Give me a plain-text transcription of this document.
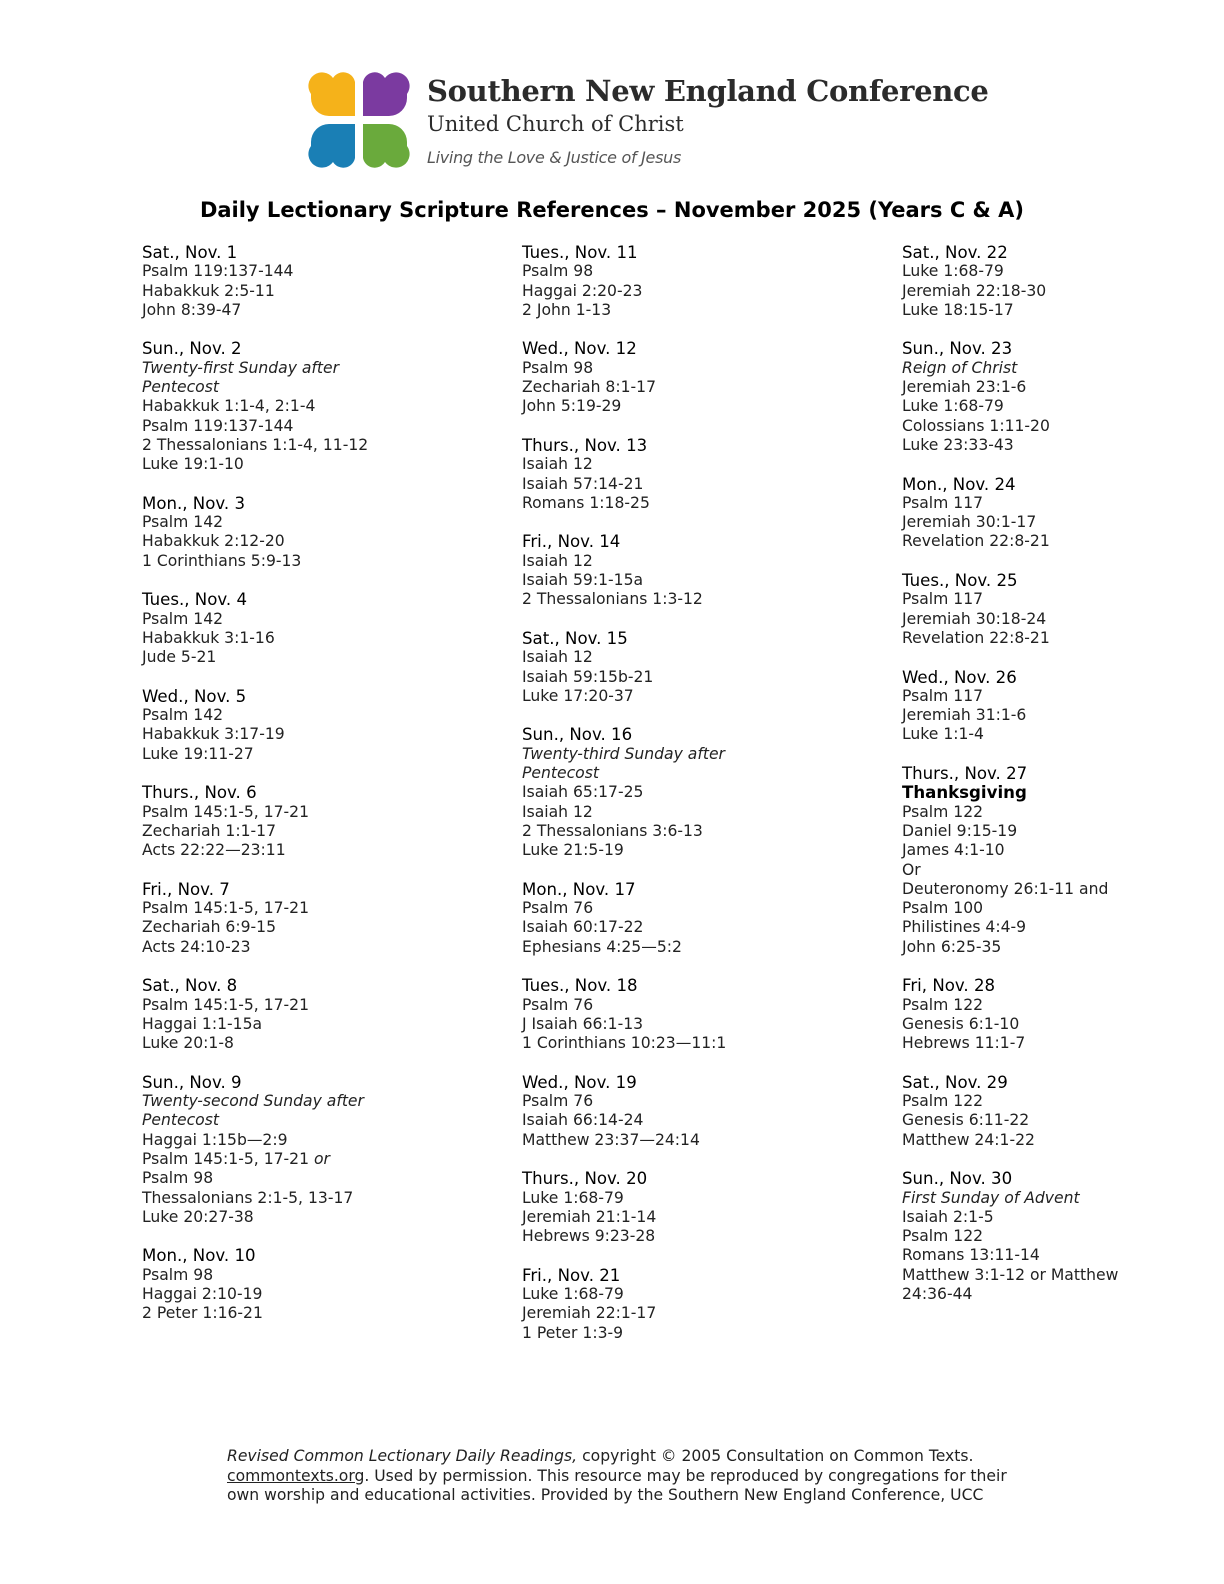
Southern New England Conference
United Church of Christ
Living the Love & Justice of Jesus
Daily Lectionary Scripture References – November 2025 (Years C & A)
Sat., Nov. 1
Psalm 119:137-144
Habakkuk 2:5-11
John 8:39-47
Sun., Nov. 2
Twenty-first Sunday after
Pentecost
Habakkuk 1:1-4, 2:1-4
Psalm 119:137-144
2 Thessalonians 1:1-4, 11-12
Luke 19:1-10
Mon., Nov. 3
Psalm 142
Habakkuk 2:12-20
1 Corinthians 5:9-13
Tues., Nov. 4
Psalm 142
Habakkuk 3:1-16
Jude 5-21
Wed., Nov. 5
Psalm 142
Habakkuk 3:17-19
Luke 19:11-27
Thurs., Nov. 6
Psalm 145:1-5, 17-21
Zechariah 1:1-17
Acts 22:22—23:11
Fri., Nov. 7
Psalm 145:1-5, 17-21
Zechariah 6:9-15
Acts 24:10-23
Sat., Nov. 8
Psalm 145:1-5, 17-21
Haggai 1:1-15a
Luke 20:1-8
Sun., Nov. 9
Twenty-second Sunday after
Pentecost
Haggai 1:15b—2:9
Psalm 145:1-5, 17-21 or
Psalm 98
Thessalonians 2:1-5, 13-17
Luke 20:27-38
Mon., Nov. 10
Psalm 98
Haggai 2:10-19
2 Peter 1:16-21
Tues., Nov. 11
Psalm 98
Haggai 2:20-23
2 John 1-13
Wed., Nov. 12
Psalm 98
Zechariah 8:1-17
John 5:19-29
Thurs., Nov. 13
Isaiah 12
Isaiah 57:14-21
Romans 1:18-25
Fri., Nov. 14
Isaiah 12
Isaiah 59:1-15a
2 Thessalonians 1:3-12
Sat., Nov. 15
Isaiah 12
Isaiah 59:15b-21
Luke 17:20-37
Sun., Nov. 16
Twenty-third Sunday after
Pentecost
Isaiah 65:17-25
Isaiah 12
2 Thessalonians 3:6-13
Luke 21:5-19
Mon., Nov. 17
Psalm 76
Isaiah 60:17-22
Ephesians 4:25—5:2
Tues., Nov. 18
Psalm 76
J Isaiah 66:1-13
1 Corinthians 10:23—11:1
Wed., Nov. 19
Psalm 76
Isaiah 66:14-24
Matthew 23:37—24:14
Thurs., Nov. 20
Luke 1:68-79
Jeremiah 21:1-14
Hebrews 9:23-28
Fri., Nov. 21
Luke 1:68-79
Jeremiah 22:1-17
1 Peter 1:3-9
Sat., Nov. 22
Luke 1:68-79
Jeremiah 22:18-30
Luke 18:15-17
Sun., Nov. 23
Reign of Christ
Jeremiah 23:1-6
Luke 1:68-79
Colossians 1:11-20
Luke 23:33-43
Mon., Nov. 24
Psalm 117
Jeremiah 30:1-17
Revelation 22:8-21
Tues., Nov. 25
Psalm 117
Jeremiah 30:18-24
Revelation 22:8-21
Wed., Nov. 26
Psalm 117
Jeremiah 31:1-6
Luke 1:1-4
Thurs., Nov. 27
Thanksgiving
Psalm 122
Daniel 9:15-19
James 4:1-10
Or
Deuteronomy 26:1-11 and
Psalm 100
Philistines 4:4-9
John 6:25-35
Fri, Nov. 28
Psalm 122
Genesis 6:1-10
Hebrews 11:1-7
Sat., Nov. 29
Psalm 122
Genesis 6:11-22
Matthew 24:1-22
Sun., Nov. 30
First Sunday of Advent
Isaiah 2:1-5
Psalm 122
Romans 13:11-14
Matthew 3:1-12 or Matthew
24:36-44
Revised Common Lectionary Daily Readings, copyright © 2005 Consultation on Common Texts.
commontexts.org. Used by permission. This resource may be reproduced by congregations for their
own worship and educational activities. Provided by the Southern New England Conference, UCC
